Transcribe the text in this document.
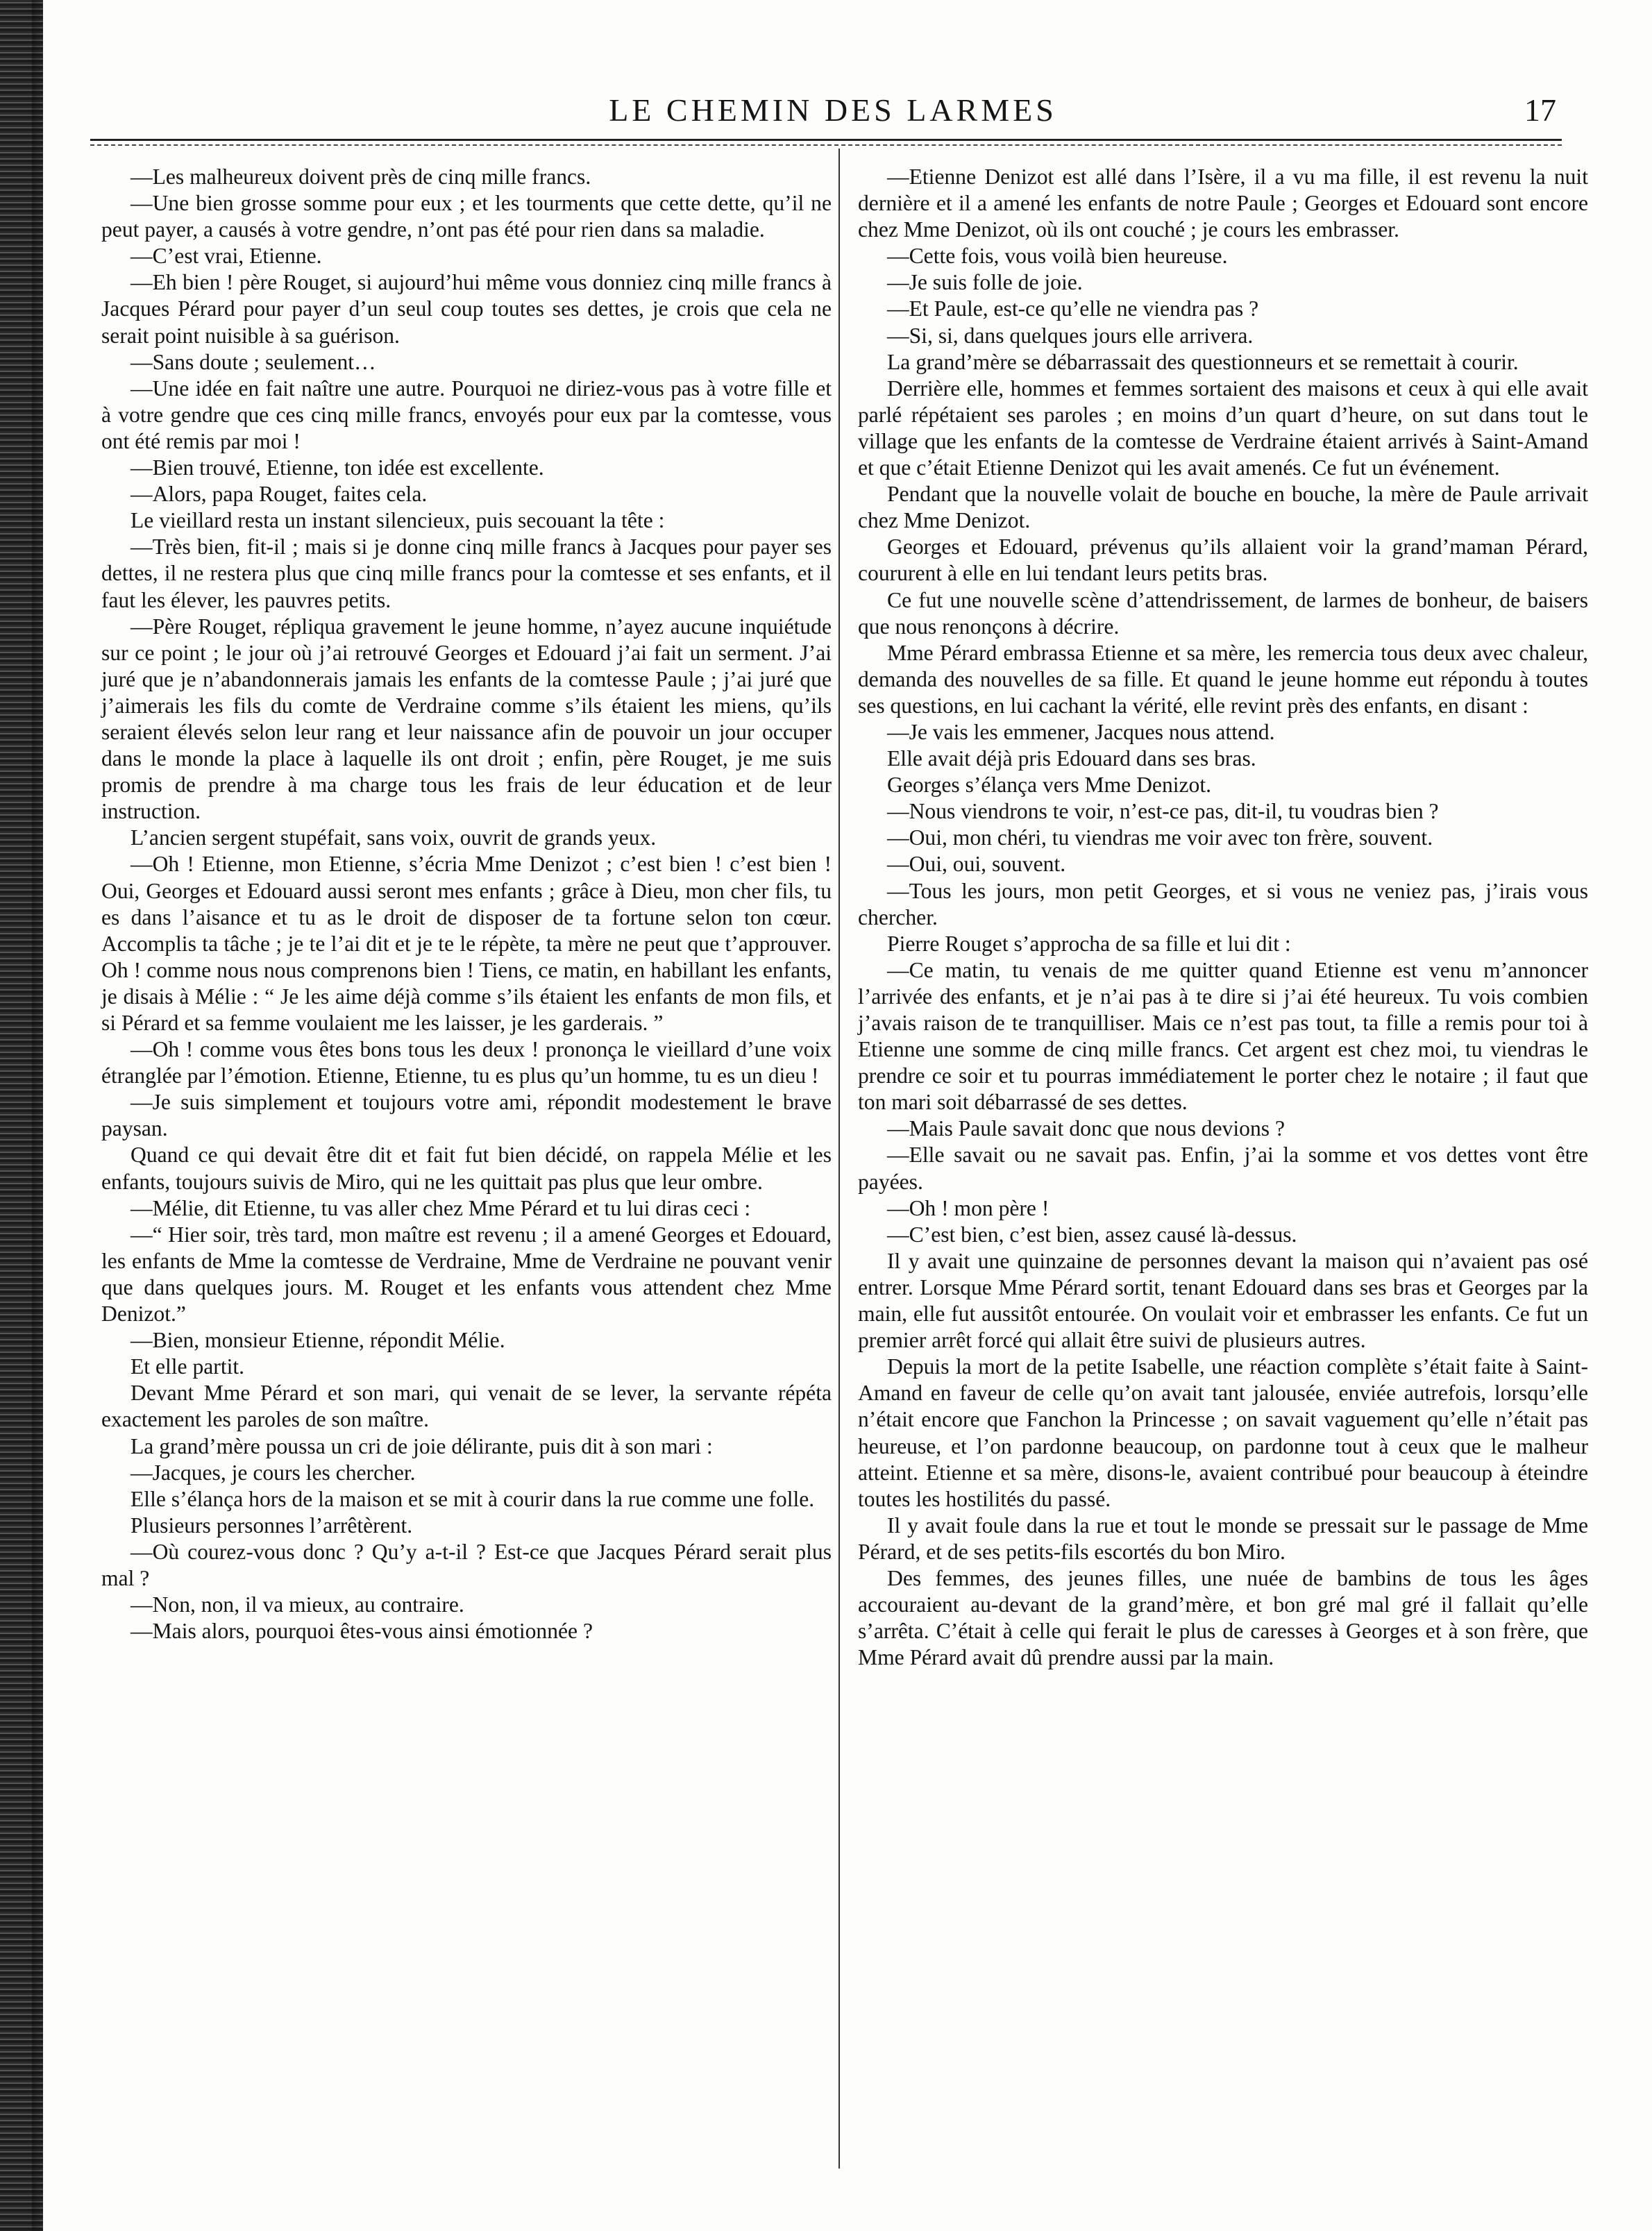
LE CHEMIN DES LARMES	17

—Les malheureux doivent près de cinq mille francs.

—Une bien grosse somme pour eux ; et les tourments que cette dette, qu’il ne peut payer, a causés à votre gendre, n’ont pas été pour rien dans sa maladie.

—C’est vrai, Etienne.

—Eh bien ! père Rouget, si aujourd’hui même vous donniez cinq mille francs à Jacques Pérard pour payer d’un seul coup toutes ses dettes, je crois que cela ne serait point nuisible à sa guérison.

—Sans doute ; seulement…

—Une idée en fait naître une autre. Pourquoi ne diriez-vous pas à votre fille et à votre gendre que ces cinq mille francs, envoyés pour eux par la comtesse, vous ont été remis par moi !

—Bien trouvé, Etienne, ton idée est excellente.

—Alors, papa Rouget, faites cela.

Le vieillard resta un instant silencieux, puis secouant la tête :

—Très bien, fit-il ; mais si je donne cinq mille francs à Jacques pour payer ses dettes, il ne restera plus que cinq mille francs pour la comtesse et ses enfants, et il faut les élever, les pauvres petits.

—Père Rouget, répliqua gravement le jeune homme, n’ayez aucune inquiétude sur ce point ; le jour où j’ai retrouvé Georges et Edouard j’ai fait un serment. J’ai juré que je n’abandonnerais jamais les enfants de la comtesse Paule ; j’ai juré que j’aimerais les fils du comte de Verdraine comme s’ils étaient les miens, qu’ils seraient élevés selon leur rang et leur naissance afin de pouvoir un jour occuper dans le monde la place à laquelle ils ont droit ; enfin, père Rouget, je me suis promis de prendre à ma charge tous les frais de leur éducation et de leur instruction.

L’ancien sergent stupéfait, sans voix, ouvrit de grands yeux.

—Oh ! Etienne, mon Etienne, s’écria Mme Denizot ; c’est bien ! c’est bien ! Oui, Georges et Edouard aussi seront mes enfants ; grâce à Dieu, mon cher fils, tu es dans l’aisance et tu as le droit de disposer de ta fortune selon ton cœur. Accomplis ta tâche ; je te l’ai dit et je te le répète, ta mère ne peut que t’approuver. Oh ! comme nous nous comprenons bien ! Tiens, ce matin, en habillant les enfants, je disais à Mélie : “ Je les aime déjà comme s’ils étaient les enfants de mon fils, et si Pérard et sa femme voulaient me les laisser, je les garderais. ”

—Oh ! comme vous êtes bons tous les deux ! prononça le vieillard d’une voix étranglée par l’émotion. Etienne, Etienne, tu es plus qu’un homme, tu es un dieu !

—Je suis simplement et toujours votre ami, répondit modestement le brave paysan.

Quand ce qui devait être dit et fait fut bien décidé, on rappela Mélie et les enfants, toujours suivis de Miro, qui ne les quittait pas plus que leur ombre.

—Mélie, dit Etienne, tu vas aller chez Mme Pérard et tu lui diras ceci :

—“ Hier soir, très tard, mon maître est revenu ; il a amené Georges et Edouard, les enfants de Mme la comtesse de Verdraine, Mme de Verdraine ne pouvant venir que dans quelques jours. M. Rouget et les enfants vous attendent chez Mme Denizot.”

—Bien, monsieur Etienne, répondit Mélie.

Et elle partit.

Devant Mme Pérard et son mari, qui venait de se lever, la servante répéta exactement les paroles de son maître.

La grand’mère poussa un cri de joie délirante, puis dit à son mari :

—Jacques, je cours les chercher.

Elle s’élança hors de la maison et se mit à courir dans la rue comme une folle.

Plusieurs personnes l’arrêtèrent.

—Où courez-vous donc ? Qu’y a-t-il ? Est-ce que Jacques Pérard serait plus mal ?

—Non, non, il va mieux, au contraire.

—Mais alors, pourquoi êtes-vous ainsi émotionnée ?

—Etienne Denizot est allé dans l’Isère, il a vu ma fille, il est revenu la nuit dernière et il a amené les enfants de notre Paule ; Georges et Edouard sont encore chez Mme Denizot, où ils ont couché ; je cours les embrasser.

—Cette fois, vous voilà bien heureuse.

—Je suis folle de joie.

—Et Paule, est-ce qu’elle ne viendra pas ?

—Si, si, dans quelques jours elle arrivera.

La grand’mère se débarrassait des questionneurs et se remettait à courir.

Derrière elle, hommes et femmes sortaient des maisons et ceux à qui elle avait parlé répétaient ses paroles ; en moins d’un quart d’heure, on sut dans tout le village que les enfants de la comtesse de Verdraine étaient arrivés à Saint-Amand et que c’était Etienne Denizot qui les avait amenés. Ce fut un événement.

Pendant que la nouvelle volait de bouche en bouche, la mère de Paule arrivait chez Mme Denizot.

Georges et Edouard, prévenus qu’ils allaient voir la grand’maman Pérard, coururent à elle en lui tendant leurs petits bras.

Ce fut une nouvelle scène d’attendrissement, de larmes de bonheur, de baisers que nous renonçons à décrire.

Mme Pérard embrassa Etienne et sa mère, les remercia tous deux avec chaleur, demanda des nouvelles de sa fille. Et quand le jeune homme eut répondu à toutes ses questions, en lui cachant la vérité, elle revint près des enfants, en disant :

—Je vais les emmener, Jacques nous attend.

Elle avait déjà pris Edouard dans ses bras.

Georges s’élança vers Mme Denizot.

—Nous viendrons te voir, n’est-ce pas, dit-il, tu voudras bien ?

—Oui, mon chéri, tu viendras me voir avec ton frère, souvent.

—Oui, oui, souvent.

—Tous les jours, mon petit Georges, et si vous ne veniez pas, j’irais vous chercher.

Pierre Rouget s’approcha de sa fille et lui dit :

—Ce matin, tu venais de me quitter quand Etienne est venu m’annoncer l’arrivée des enfants, et je n’ai pas à te dire si j’ai été heureux. Tu vois combien j’avais raison de te tranquilliser. Mais ce n’est pas tout, ta fille a remis pour toi à Etienne une somme de cinq mille francs. Cet argent est chez moi, tu viendras le prendre ce soir et tu pourras immédiatement le porter chez le notaire ; il faut que ton mari soit débarrassé de ses dettes.

—Mais Paule savait donc que nous devions ?

—Elle savait ou ne savait pas. Enfin, j’ai la somme et vos dettes vont être payées.

—Oh ! mon père !

—C’est bien, c’est bien, assez causé là-dessus.

Il y avait une quinzaine de personnes devant la maison qui n’avaient pas osé entrer. Lorsque Mme Pérard sortit, tenant Edouard dans ses bras et Georges par la main, elle fut aussitôt entourée. On voulait voir et embrasser les enfants. Ce fut un premier arrêt forcé qui allait être suivi de plusieurs autres.

Depuis la mort de la petite Isabelle, une réaction complète s’était faite à Saint-Amand en faveur de celle qu’on avait tant jalousée, enviée autrefois, lorsqu’elle n’était encore que Fanchon la Princesse ; on savait vaguement qu’elle n’était pas heureuse, et l’on pardonne beaucoup, on pardonne tout à ceux que le malheur atteint. Etienne et sa mère, disons-le, avaient contribué pour beaucoup à éteindre toutes les hostilités du passé.

Il y avait foule dans la rue et tout le monde se pressait sur le passage de Mme Pérard, et de ses petits-fils escortés du bon Miro.

Des femmes, des jeunes filles, une nuée de bambins de tous les âges accouraient au-devant de la grand’mère, et bon gré mal gré il fallait qu’elle s’arrêta. C’était à celle qui ferait le plus de caresses à Georges et à son frère, que Mme Pérard avait dû prendre aussi par la main.
